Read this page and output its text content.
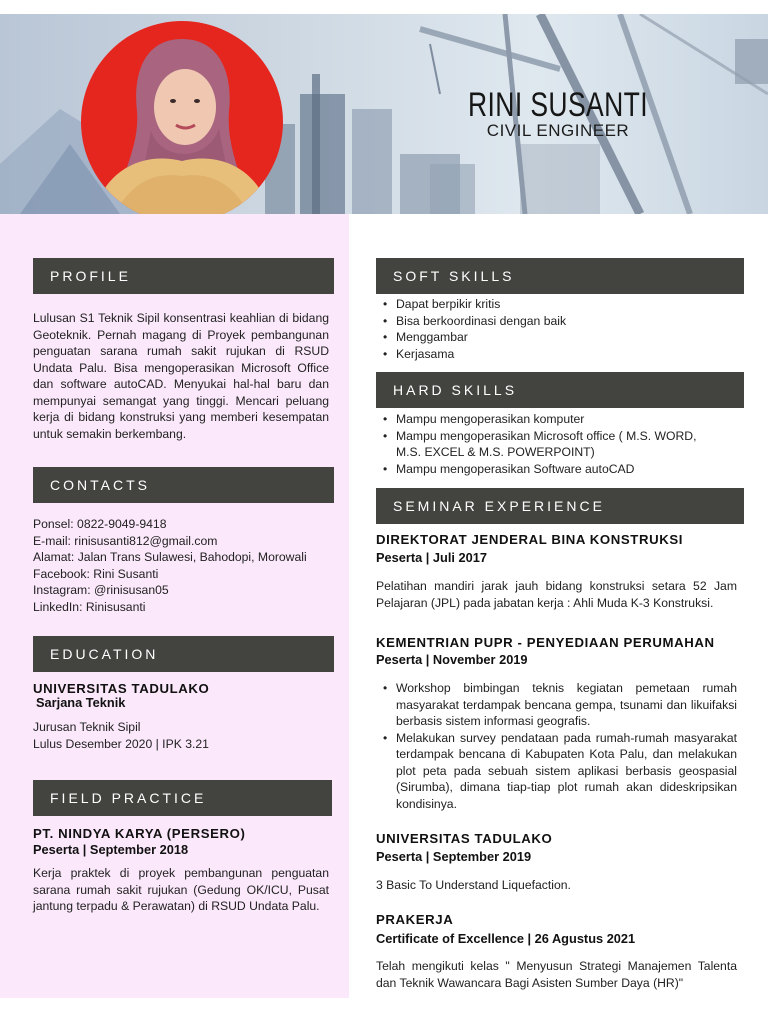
RINI SUSANTI
CIVIL ENGINEER
PROFILE
Lulusan S1 Teknik Sipil konsentrasi keahlian di bidang Geoteknik. Pernah magang di Proyek pembangunan penguatan sarana rumah sakit rujukan di RSUD Undata Palu. Bisa mengoperasikan Microsoft Office dan software autoCAD. Menyukai hal-hal baru dan mempunyai semangat yang tinggi. Mencari peluang kerja di bidang konstruksi yang memberi kesempatan untuk semakin berkembang.
CONTACTS
Ponsel: 0822-9049-9418
E-mail: rinisusanti812@gmail.com
Alamat: Jalan Trans Sulawesi, Bahodopi, Morowali
Facebook: Rini Susanti
Instagram: @rinisusan05
LinkedIn: Rinisusanti
EDUCATION
UNIVERSITAS TADULAKO
Sarjana Teknik
Jurusan Teknik Sipil
Lulus Desember 2020 | IPK 3.21
FIELD PRACTICE
PT. NINDYA KARYA (PERSERO)
Peserta | September 2018
Kerja praktek di proyek pembangunan penguatan sarana rumah sakit rujukan (Gedung OK/ICU, Pusat jantung terpadu & Perawatan) di RSUD Undata Palu.
SOFT SKILLS
• Dapat berpikir kritis
• Bisa berkoordinasi dengan baik
• Menggambar
• Kerjasama
HARD SKILLS
• Mampu mengoperasikan komputer
• Mampu mengoperasikan Microsoft office ( M.S. WORD, M.S. EXCEL & M.S. POWERPOINT)
• Mampu mengoperasikan Software autoCAD
SEMINAR EXPERIENCE
DIREKTORAT JENDERAL BINA KONSTRUKSI
Peserta | Juli 2017
Pelatihan mandiri jarak jauh bidang konstruksi setara 52 Jam Pelajaran (JPL) pada jabatan kerja : Ahli Muda K-3 Konstruksi.
KEMENTRIAN PUPR - PENYEDIAAN PERUMAHAN
Peserta | November 2019
• Workshop bimbingan teknis kegiatan pemetaan rumah masyarakat terdampak bencana gempa, tsunami dan likuifaksi berbasis sistem informasi geografis.
• Melakukan survey pendataan pada rumah-rumah masyarakat terdampak bencana di Kabupaten Kota Palu, dan melakukan plot peta pada sebuah sistem aplikasi berbasis geospasial (Sirumba), dimana tiap-tiap plot rumah akan dideskripsikan kondisinya.
UNIVERSITAS TADULAKO
Peserta | September 2019
3 Basic To Understand Liquefaction.
PRAKERJA
Certificate of Excellence | 26 Agustus 2021
Telah mengikuti kelas " Menyusun Strategi Manajemen Talenta dan Teknik Wawancara Bagi Asisten Sumber Daya (HR)"
